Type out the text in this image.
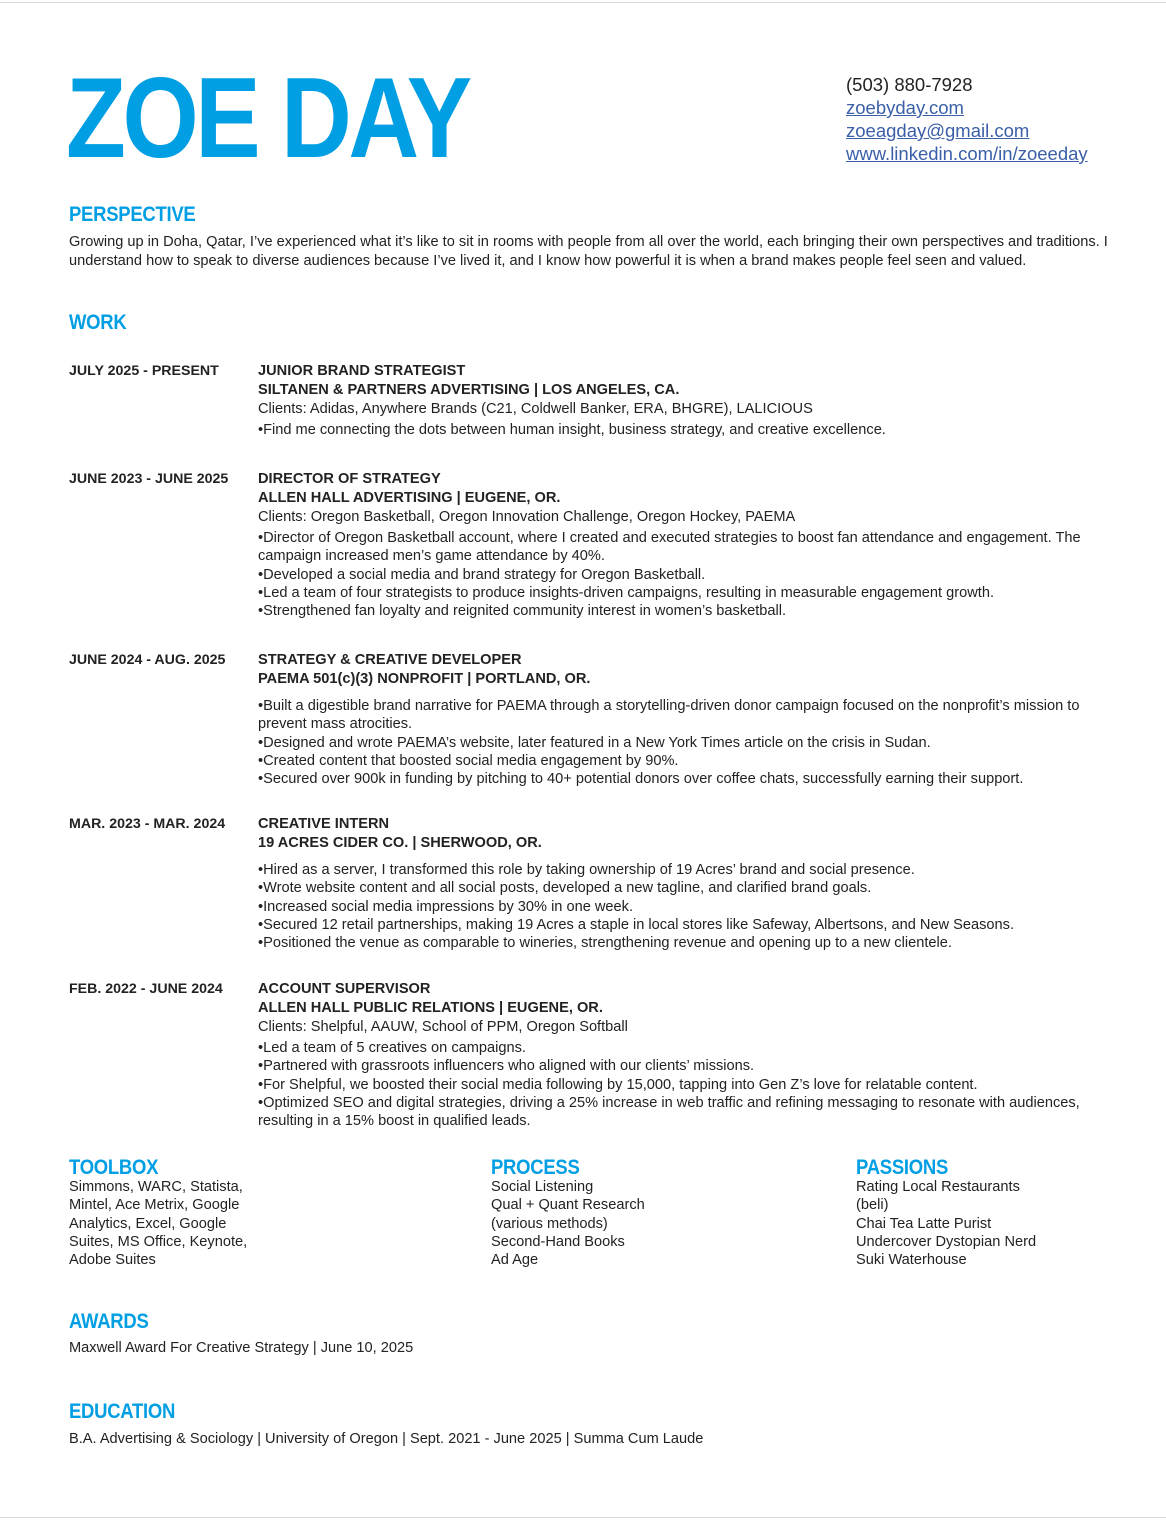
ZOE DAY	(503) 880-7928
zoebyday.com
zoeagday@gmail.com
www.linkedin.com/in/zoeeday
PERSPECTIVE
Growing up in Doha, Qatar, I’ve experienced what it’s like to sit in rooms with people from all over the world, each bringing their own perspectives and traditions. I understand how to speak to diverse audiences because I’ve lived it, and I know how powerful it is when a brand makes people feel seen and valued.
WORK
JULY 2025 - PRESENT	JUNIOR BRAND STRATEGIST
SILTANEN & PARTNERS ADVERTISING | LOS ANGELES, CA.
Clients: Adidas, Anywhere Brands (C21, Coldwell Banker, ERA, BHGRE), LALICIOUS
•Find me connecting the dots between human insight, business strategy, and creative excellence.
JUNE 2023 - JUNE 2025 DIRECTOR OF STRATEGY
ALLEN HALL ADVERTISING | EUGENE, OR.
Clients: Oregon Basketball, Oregon Innovation Challenge, Oregon Hockey, PAEMA
•Director of Oregon Basketball account, where I created and executed strategies to boost fan attendance and engagement. The campaign increased men’s game attendance by 40%.
•Developed a social media and brand strategy for Oregon Basketball.
•Led a team of four strategists to produce insights-driven campaigns, resulting in measurable engagement growth.
•Strengthened fan loyalty and reignited community interest in women’s basketball.
JUNE 2024 - AUG. 2025 STRATEGY & CREATIVE DEVELOPER
PAEMA 501(c)(3) NONPROFIT | PORTLAND, OR.
•Built a digestible brand narrative for PAEMA through a storytelling-driven donor campaign focused on the nonprofit’s mission to prevent mass atrocities.
•Designed and wrote PAEMA’s website, later featured in a New York Times article on the crisis in Sudan.
•Created content that boosted social media engagement by 90%.
•Secured over 900k in funding by pitching to 40+ potential donors over coffee chats, successfully earning their support.
MAR. 2023 - MAR. 2024 CREATIVE INTERN
19 ACRES CIDER CO. | SHERWOOD, OR.
•Hired as a server, I transformed this role by taking ownership of 19 Acres’ brand and social presence.
•Wrote website content and all social posts, developed a new tagline, and clarified brand goals.
•Increased social media impressions by 30% in one week.
•Secured 12 retail partnerships, making 19 Acres a staple in local stores like Safeway, Albertsons, and New Seasons.
•Positioned the venue as comparable to wineries, strengthening revenue and opening up to a new clientele.
FEB. 2022 - JUNE 2024 ACCOUNT SUPERVISOR
ALLEN HALL PUBLIC RELATIONS | EUGENE, OR.
Clients: Shelpful, AAUW, School of PPM, Oregon Softball
•Led a team of 5 creatives on campaigns.
•Partnered with grassroots influencers who aligned with our clients’ missions.
•For Shelpful, we boosted their social media following by 15,000, tapping into Gen Z’s love for relatable content.
•Optimized SEO and digital strategies, driving a 25% increase in web traffic and refining messaging to resonate with audiences, resulting in a 15% boost in qualified leads.
TOOLBOX
Simmons, WARC, Statista,
Mintel, Ace Metrix, Google
Analytics, Excel, Google
Suites, MS Office, Keynote,
Adobe Suites
PROCESS
Social Listening
Qual + Quant Research
(various methods)
Second-Hand Books
Ad Age
PASSIONS
Rating Local Restaurants
(beli)
Chai Tea Latte Purist
Undercover Dystopian Nerd
Suki Waterhouse
AWARDS
Maxwell Award For Creative Strategy | June 10, 2025
EDUCATION
B.A. Advertising & Sociology | University of Oregon | Sept. 2021 - June 2025 | Summa Cum Laude
